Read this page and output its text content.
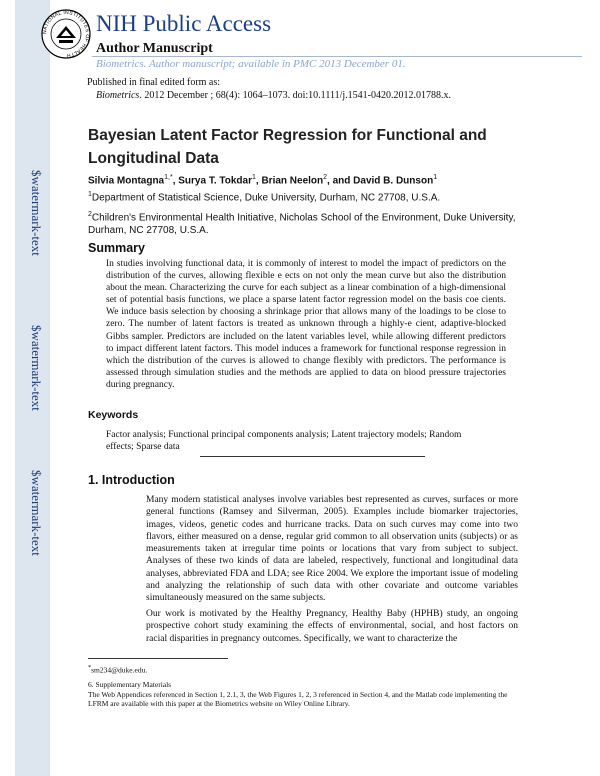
$watermark-text
$watermark-text
$watermark-text
NATIONAL INSTITUTES OF HEALTH
NIH Public Access
Author Manuscript
Biometrics. Author manuscript; available in PMC 2013 December 01.
Published in final edited form as:
Biometrics. 2012 December ; 68(4): 1064–1073. doi:10.1111/j.1541-0420.2012.01788.x.
Bayesian Latent Factor Regression for Functional and Longitudinal Data
Silvia Montagna$^{1,*}$, Surya T. Tokdar$^1$, Brian Neelon$^2$, and David B. Dunson$^1$
$^1$Department of Statistical Science, Duke University, Durham, NC 27708, U.S.A.
$^2$Children's Environmental Health Initiative, Nicholas School of the Environment, Duke University, Durham, NC 27708, U.S.A.
Summary
In studies involving functional data, it is commonly of interest to model the impact of predictors on the distribution of the curves, allowing flexible e ects on not only the mean curve but also the distribution about the mean. Characterizing the curve for each subject as a linear combination of a high-dimensional set of potential basis functions, we place a sparse latent factor regression model on the basis coe cients. We induce basis selection by choosing a shrinkage prior that allows many of the loadings to be close to zero. The number of latent factors is treated as unknown through a highly-e cient, adaptive-blocked Gibbs sampler. Predictors are included on the latent variables level, while allowing different predictors to impact different latent factors. This model induces a framework for functional response regression in which the distribution of the curves is allowed to change flexibly with predictors. The performance is assessed through simulation studies and the methods are applied to data on blood pressure trajectories during pregnancy.
Keywords
Factor analysis; Functional principal components analysis; Latent trajectory models; Random effects; Sparse data
1. Introduction
Many modern statistical analyses involve variables best represented as curves, surfaces or more general functions (Ramsey and Silverman, 2005). Examples include biomarker trajectories, images, videos, genetic codes and hurricane tracks. Data on such curves may come into two flavors, either measured on a dense, regular grid common to all observation units (subjects) or as measurements taken at irregular time points or locations that vary from subject to subject. Analyses of these two kinds of data are labeled, respectively, functional and longitudinal data analyses, abbreviated FDA and LDA; see Rice 2004. We explore the important issue of modeling and analyzing the relationship of such data with other covariate and outcome variables simultaneously measured on the same subjects.
Our work is motivated by the Healthy Pregnancy, Healthy Baby (HPHB) study, an ongoing prospective cohort study examining the effects of environmental, social, and host factors on racial disparities in pregnancy outcomes. Specifically, we want to characterize the
*sm234@duke.edu.
6. Supplementary Materials
The Web Appendices referenced in Section 1, 2.1, 3, the Web Figures 1, 2, 3 referenced in Section 4, and the Matlab code implementing the LFRM are available with this paper at the Biometrics website on Wiley Online Library.
